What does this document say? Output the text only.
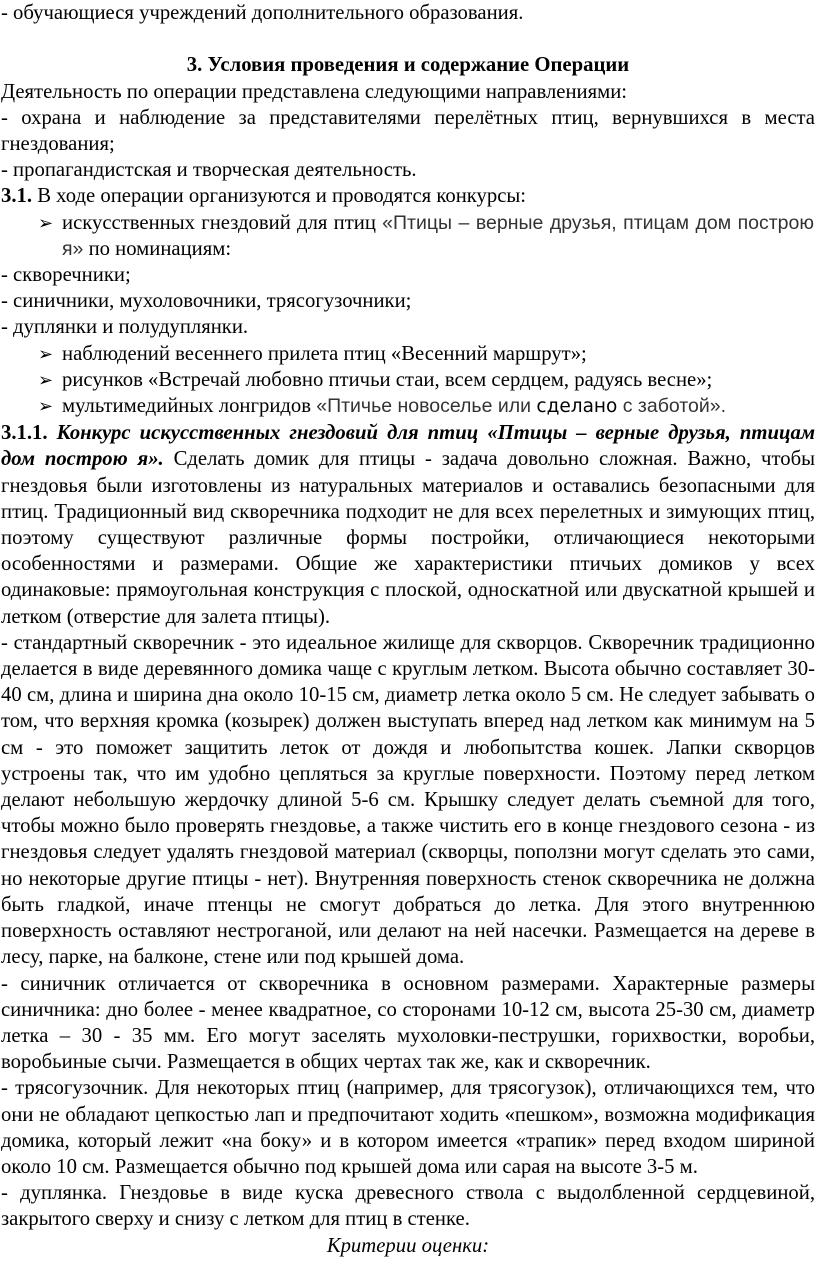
- обучающиеся учреждений дополнительного образования.

3. Условия проведения и содержание Операции

Деятельность по операции представлена следующими направлениями:

- охрана и наблюдение за представителями перелётных птиц, вернувшихся в места гнездования;

- пропагандистская и творческая деятельность.

3.1. В ходе операции организуются и проводятся конкурсы:

➢ искусственных гнездовий для птиц «Птицы – верные друзья, птицам дом построю я» по номинациям:

- скворечники;

- синичники, мухоловочники, трясогузочники;

- дуплянки и полудуплянки.

➢ наблюдений весеннего прилета птиц «Весенний маршрут»;

➢ рисунков «Встречай любовно птичьи стаи, всем сердцем, радуясь весне»;

➢ мультимедийных лонгридов «Птичье новоселье или сделано с заботой».

3.1.1. Конкурс искусственных гнездовий для птиц «Птицы – верные друзья, птицам дом построю я». Сделать домик для птицы - задача довольно сложная. Важно, чтобы гнездовья были изготовлены из натуральных материалов и оставались безопасными для птиц. Традиционный вид скворечника подходит не для всех перелетных и зимующих птиц, поэтому существуют различные формы постройки, отличающиеся некоторыми особенностями и размерами. Общие же характеристики птичьих домиков у всех одинаковые: прямоугольная конструкция с плоской, односкатной или двускатной крышей и летком (отверстие для залета птицы).

- стандартный скворечник - это идеальное жилище для скворцов. Скворечник традиционно делается в виде деревянного домика чаще с круглым летком. Высота обычно составляет 30-40 см, длина и ширина дна около 10-15 см, диаметр летка около 5 см. Не следует забывать о том, что верхняя кромка (козырек) должен выступать вперед над летком как минимум на 5 см - это поможет защитить леток от дождя и любопытства кошек. Лапки скворцов устроены так, что им удобно цепляться за круглые поверхности. Поэтому перед летком делают небольшую жердочку длиной 5-6 см. Крышку следует делать съемной для того, чтобы можно было проверять гнездовье, а также чистить его в конце гнездового сезона - из гнездовья следует удалять гнездовой материал (скворцы, поползни могут сделать это сами, но некоторые другие птицы - нет). Внутренняя поверхность стенок скворечника не должна быть гладкой, иначе птенцы не смогут добраться до летка. Для этого внутреннюю поверхность оставляют нестроганой, или делают на ней насечки. Размещается на дереве в лесу, парке, на балконе, стене или под крышей дома.

- синичник отличается от скворечника в основном размерами. Характерные размеры синичника: дно более - менее квадратное, со сторонами 10-12 см, высота 25-30 см, диаметр летка – 30 - 35 мм. Его могут заселять мухоловки-пеструшки, горихвостки, воробьи, воробьиные сычи. Размещается в общих чертах так же, как и скворечник.

- трясогузочник. Для некоторых птиц (например, для трясогузок), отличающихся тем, что они не обладают цепкостью лап и предпочитают ходить «пешком», возможна модификация домика, который лежит «на боку» и в котором имеется «трапик» перед входом шириной около 10 см. Размещается обычно под крышей дома или сарая на высоте 3-5 м.

- дуплянка. Гнездовье в виде куска древесного ствола с выдолбленной сердцевиной, закрытого сверху и снизу с летком для птиц в стенке.

Критерии оценки:
